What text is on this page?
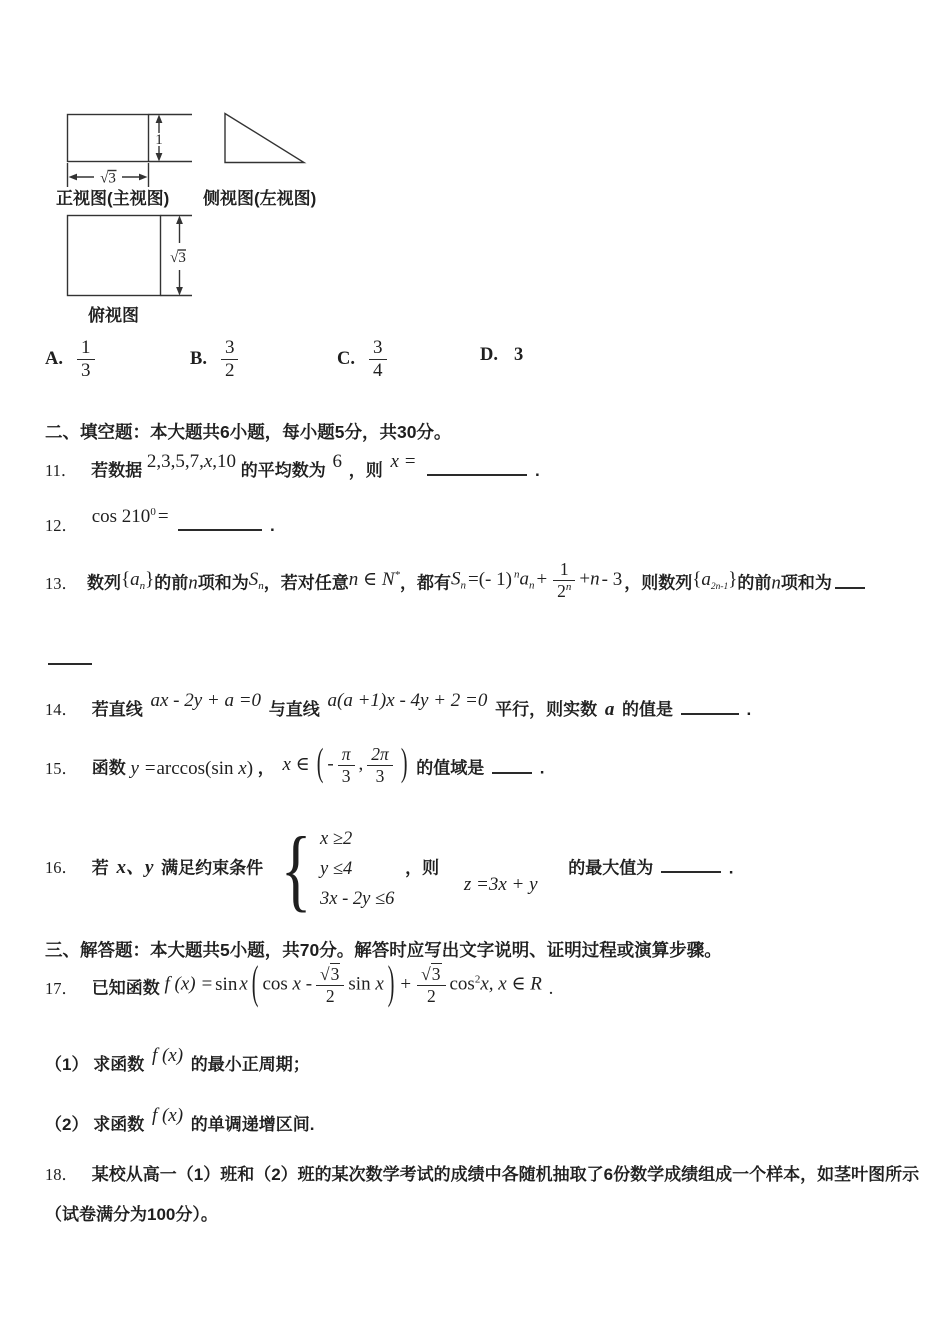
1
√3
正视图(主视图) 侧视图(左视图)
√3
俯视图
A. $\frac{1}{3}$	B. $\frac{3}{2}$	C. $\frac{3}{4}$	D. 3
二、填空题：本大题共6小题，每小题5分，共30分。
11． 若数据 2,3,5,7,x,10 的平均数为 6 ，则 x =	.
12． $\cos 210^0$ =	.
13． 数列$\{a_n\}$的前n项和为$S_n$，若对任意n ∈ N*，都有$S_n$ =(- 1) $^na_n + \frac{1}{2^n} +n - 3$ ，则数列$\{a_{2n-1}\}$的前n项和为
14． 若直线 ax - 2y + a =0 与直线 a(a +1)x - 4y + 2 =0 平行，则实数 a 的值是	.
15． 函数 y =arccos(sin x) ， x ∈ ( - $\frac{\pi}{3}$ , $\frac{2\pi}{3}$ ) 的值域是	.
16． 若 x、y 满足约束条件 { x ≥2
y ≤4
3x - 2y ≤6
，则 z =3x + y 的最大值为	.
三、解答题：本大题共5小题，共70分。解答时应写出文字说明、证明过程或演算步骤。
17． 已知函数 f (x) = sin x ( cos x - $\frac{√3}{2}$ sin x ) + $\frac{√3}{2} \cos^2x$, x ∈ R .
（1） 求函数 f (x) 的最小正周期；
（2） 求函数 f (x) 的单调递增区间.
18． 某校从高一（1）班和（2）班的某次数学考试的成绩中各随机抽取了6份数学成绩组成一个样本，如茎叶图所示
（试卷满分为100分）。
